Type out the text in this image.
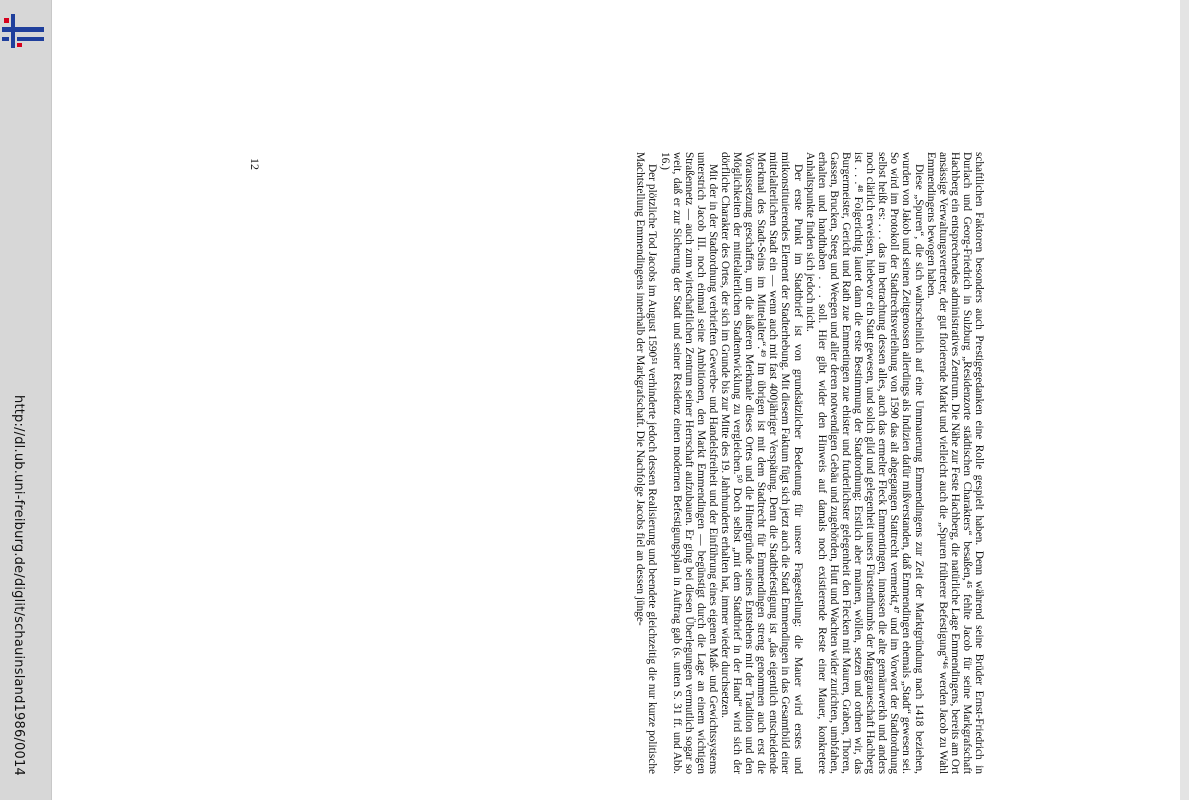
http://dl.ub.uni-freiburg.de/diglit/schauinsland1986/0014	schaftlichen Faktoren besonders auch Prestigegedanken eine Rolle gespielt haben. Denn während seine Brüder Ernst-Friedrich in Durlach und Georg-Friedrich in Sulzburg „Residenzorte städtischen Charakters“ besaßen,⁴⁵ fehlte Jacob für seine Markgrafschaft Hachberg ein entsprechendes administratives Zentrum. Die Nähe zur Feste Hachberg, die natürliche Lage Emmendingens, bereits am Ort ansässige Verwaltungsvertreter, der gut florierende Markt und vielleicht auch die „Spuren früherer Befestigung“⁴⁶ werden Jacob zu Wahl Emmendingens bewogen haben.

Diese „Spuren“, die sich wahrscheinlich auf eine Ummauerung Emmendingens zur Zeit der Marktgründung nach 1418 beziehen, wurden von Jakob und seinen Zeitgenossen allerdings als Indizien dafür mißverstanden, daß Emmendingen ehemals „Stadt“ gewesen sei. So wird im Protokoll der Stadtrechtsverleihung von 1590 das alt abgegangen Stattrecht vermerkt,⁴⁷ und im Vorwort der Stadtordnung selbst heißt es: . . . das im betrachtung dessen alles, auch das ermelter Fleck Emmentingen, innassen die alte gemäurwerkh und anders noch clärlich erweisen, hiebevor ein Statt gewesen, und solich glid und gelegenheit unsers Fürstenthumbs der Marggraueschaft Hachberg ist . . .⁴⁸ Folgerichtig lautet dann die erste Bestimmung der Stadtordnung: Erstlich aber mainen, wöllen, setzen und ordnen wir, das Burgermeister, Gericht und Rath zue Emmetingen zue ehister und furderlichster gelegenheit den Flecken mit Mauren, Graben, Thoren, Gassen, Brucken, Steeg und Weegen und aller deren notwendigen Gebäu und zugehörden, Hutt und Wachten wider zurichten, umbfahen, erhalten und handthaben . . . soll. Hier gibt wider den Hinweis auf damals noch existierende Reste einer Mauer, konkretere Anhaltspunkte finden sich jedoch nicht.

Der erste Punkt im Stadtbrief ist von grundsätzlicher Bedeutung für unsere Fragestellung: die Mauer wird erstes und mitkonstituierendes Element der Stadterhebung. Mit diesem Faktum fügt sich jetzt auch die Stadt Emmendingen in das Gesamtbild einer mittelalterlichen Stadt ein — wenn auch mit fast 400jähriger Verspätung. Denn die Stadtbefestigung ist „das eigentlich entscheidende Merkmal des Stadt-Seins im Mittelalter“.⁴⁹ Im übrigen ist mit dem Stadtrecht für Emmendingen streng genommen auch erst die Voraussetzung geschaffen, um die äußeren Merkmale dieses Ortes und die Hintergründe seines Entstehens mit der Tradition und den Möglichkeiten der mittelalterlichen Stadtentwicklung zu vergleichen.⁵⁰ Doch selbst „mit dem Stadtbrief in der Hand“ wird sich der dörfliche Charakter des Ortes, der sich im Grunde bis zur Mitte des 19. Jahrhunderts erhalten hat, immer wieder durchsetzen.

Mit der in der Stadtordnung verbrieften Gewerbe- und Handelsfreiheit und der Einführung eines eigenen Maß- und Gewichtssystems unterstrich Jacob III. noch einmal seine Ambitionen, den Markt Emmendingen — begünstigt durch die Lage an einem wichtigen Straßennetz — auch zum wirtschaftlichen Zentrum seiner Herrschaft aufzubauen. Er ging bei diesen Überlegungen vermutlich sogar so weit, daß er zur Sicherung der Stadt und seiner Residenz einen modernen Befestigungsplan in Auftrag gab (s. unten S. 31 ff. und Abb. 16.)

Der plötzliche Tod Jacobs im August 1590⁵¹ verhinderte jedoch dessen Realisierung und beendete gleichzeitig die nur kurze politische Machtstellung Emmendingens innerhalb der Markgrafschaft. Die Nachfolge Jacobs fiel an dessen jünge-

12
